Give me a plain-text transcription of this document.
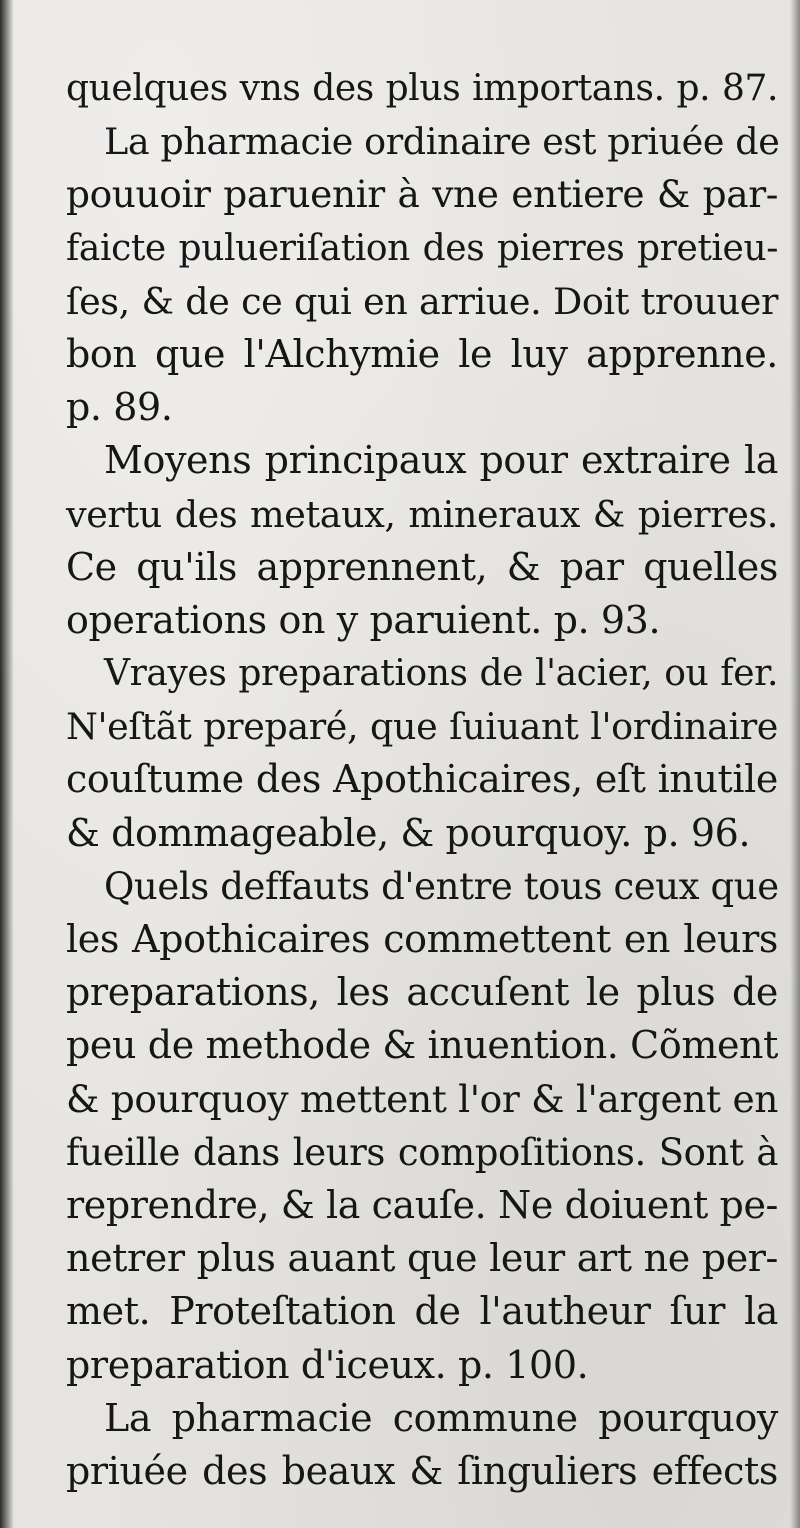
quelques vns des plus importans. p. 87.
La pharmacie ordinaire est priuée de
pouuoir paruenir à vne entiere & par-
faicte pulueriſation des pierres pretieu-
ſes, & de ce qui en arriue. Doit trouuer
bon que l'Alchymie le luy apprenne.
p. 89.
Moyens principaux pour extraire la
vertu des metaux, mineraux & pierres.
Ce qu'ils apprennent, & par quelles
operations on y paruient. p. 93.
Vrayes preparations de l'acier, ou fer.
N'eſtãt preparé, que ſuiuant l'ordinaire
couſtume des Apothicaires, eſt inutile
& dommageable, & pourquoy. p. 96.
Quels deffauts d'entre tous ceux que
les Apothicaires commettent en leurs
preparations, les accuſent le plus de
peu de methode & inuention. Cõment
& pourquoy mettent l'or & l'argent en
fueille dans leurs compoſitions. Sont à
reprendre, & la cauſe. Ne doiuent pe-
netrer plus auant que leur art ne per-
met. Proteſtation de l'autheur ſur la
preparation d'iceux. p. 100.
La pharmacie commune pourquoy
priuée des beaux & ſinguliers effects
